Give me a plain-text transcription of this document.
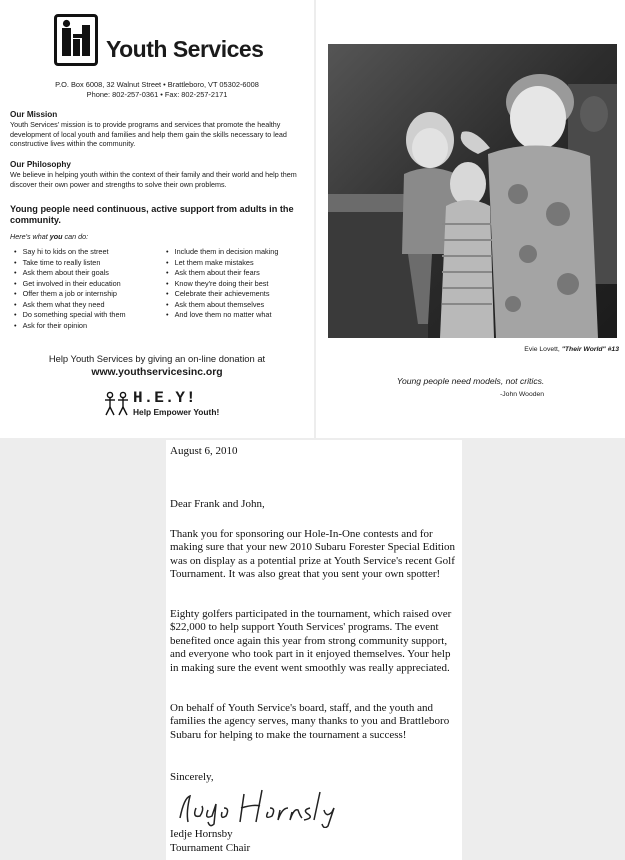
Youth Services
P.O. Box 6008, 32 Walnut Street • Brattleboro, VT 05302-6008
Phone: 802-257-0361 • Fax: 802-257-2171
Our Mission
Youth Services' mission is to provide programs and services that promote the healthy development of local youth and families and help them gain the skills necessary to lead constructive lives within the community.
Our Philosophy
We believe in helping youth within the context of their family and their world and help them discover their own power and strengths to solve their own problems.
Young people need continuous, active support from adults in the community.
Here's what you can do:
• Say hi to kids on the street
• Take time to really listen
• Ask them about their goals
• Get involved in their education
• Offer them a job or internship
• Ask them what they need
• Do something special with them
• Ask for their opinion
• Include them in decision making
• Let them make mistakes
• Ask them about their fears
• Know they're doing their best
• Celebrate their achievements
• Ask them about themselves
• And love them no matter what
Help Youth Services by giving an on-line donation at
www.youthservicesinc.org
H.E.Y!
Help Empower Youth!
Evie Lovett, "Their World" #13
Young people need models, not critics.
-John Wooden
August 6, 2010
Dear Frank and John,

Thank you for sponsoring our Hole-In-One contests and for making sure that your new 2010 Subaru Forester Special Edition was on display as a potential prize at Youth Service's recent Golf Tournament. It was also great that you sent your own spotter!

Eighty golfers participated in the tournament, which raised over $22,000 to help support Youth Services' programs. The event benefited once again this year from strong community support, and everyone who took part in it enjoyed themselves. Your help in making sure the event went smoothly was really appreciated.

On behalf of Youth Service's board, staff, and the youth and families the agency serves, many thanks to you and Brattleboro Subaru for helping to make the tournament a success!

Sincerely,
Iedje Hornsby
Tournament Chair
